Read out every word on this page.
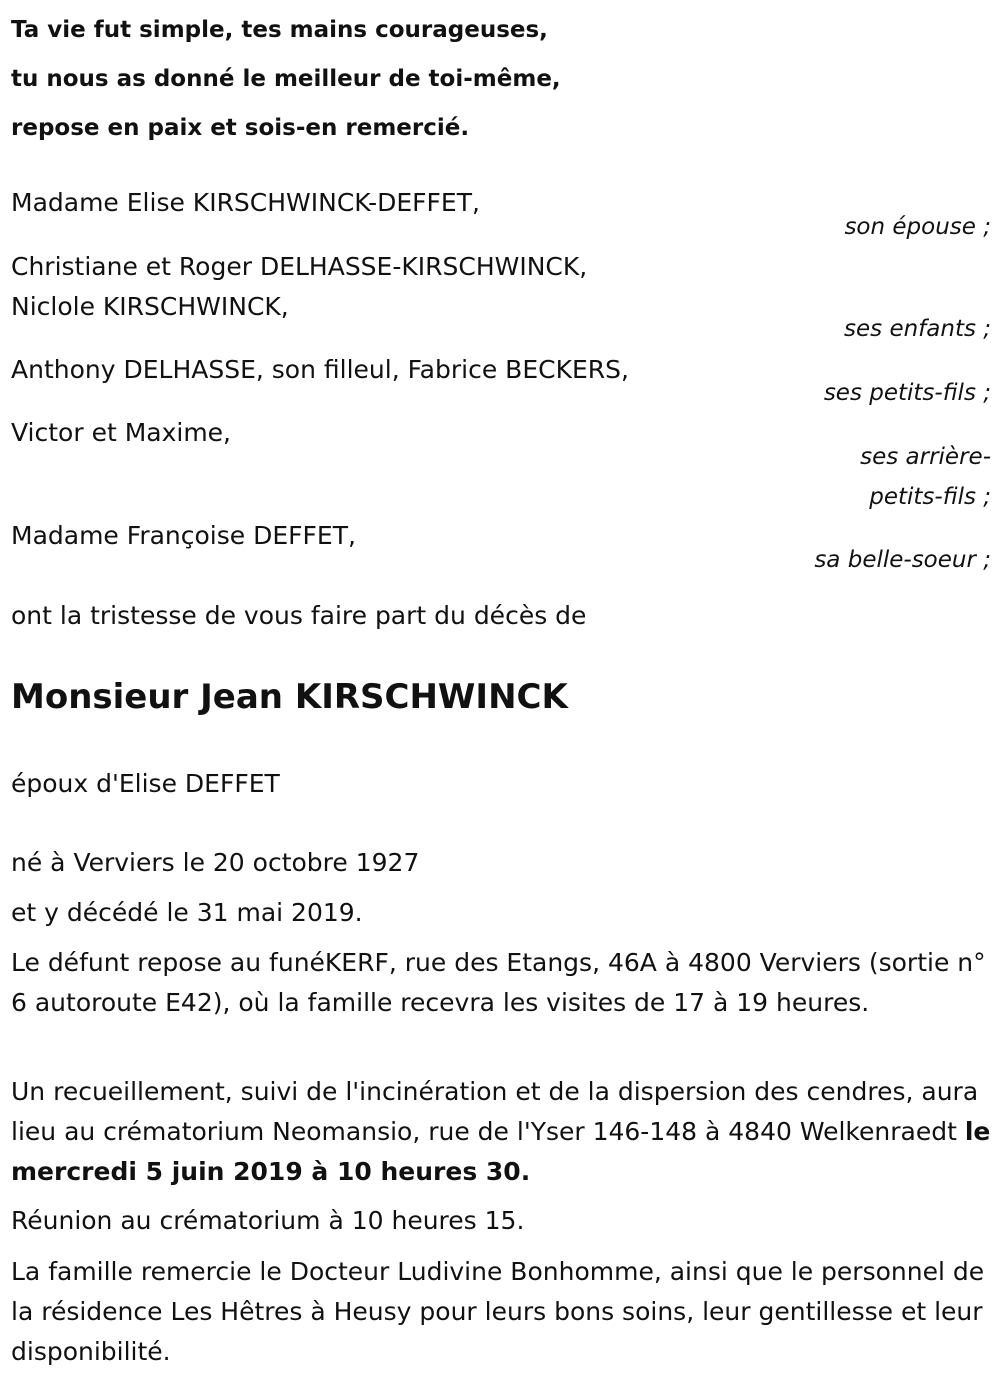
Ta vie fut simple, tes mains courageuses,
tu nous as donné le meilleur de toi-même,
repose en paix et sois-en remercié.
Madame Elise KIRSCHWINCK-DEFFET,
son épouse ;
Christiane et Roger DELHASSE-KIRSCHWINCK,
Niclole KIRSCHWINCK,
ses enfants ;
Anthony DELHASSE, son filleul, Fabrice BECKERS,
ses petits-fils ;
Victor et Maxime,
ses arrière-
petits-fils ;
Madame Françoise DEFFET,
sa belle-soeur ;
ont la tristesse de vous faire part du décès de
Monsieur Jean KIRSCHWINCK
époux d'Elise DEFFET
né à Verviers le 20 octobre 1927
et y décédé le 31 mai 2019.
Le défunt repose au funéKERF, rue des Etangs, 46A à 4800 Verviers (sortie n° 6 autoroute E42), où la famille recevra les visites de 17 à 19 heures.
Un recueillement, suivi de l'incinération et de la dispersion des cendres, aura lieu au crématorium Neomansio, rue de l'Yser 146-148 à 4840 Welkenraedt le mercredi 5 juin 2019 à 10 heures 30.
Réunion au crématorium à 10 heures 15.
La famille remercie le Docteur Ludivine Bonhomme, ainsi que le personnel de la résidence Les Hêtres à Heusy pour leurs bons soins, leur gentillesse et leur disponibilité.
